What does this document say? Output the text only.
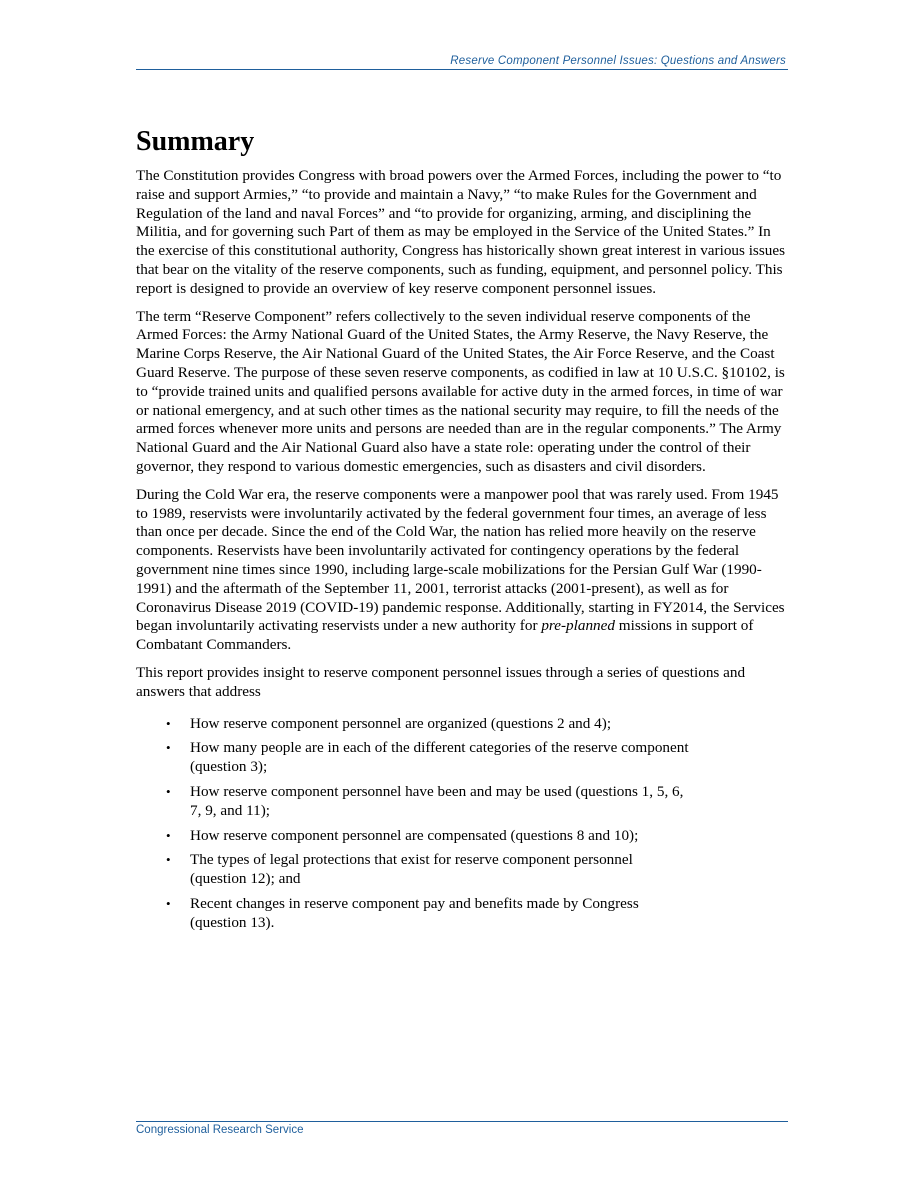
Reserve Component Personnel Issues: Questions and Answers
Summary

The Constitution provides Congress with broad powers over the Armed Forces, including the power to “to raise and support Armies,” “to provide and maintain a Navy,” “to make Rules for the Government and Regulation of the land and naval Forces” and “to provide for organizing, arming, and disciplining the Militia, and for governing such Part of them as may be employed in the Service of the United States.” In the exercise of this constitutional authority, Congress has historically shown great interest in various issues that bear on the vitality of the reserve components, such as funding, equipment, and personnel policy. This report is designed to provide an overview of key reserve component personnel issues.

The term “Reserve Component” refers collectively to the seven individual reserve components of the Armed Forces: the Army National Guard of the United States, the Army Reserve, the Navy Reserve, the Marine Corps Reserve, the Air National Guard of the United States, the Air Force Reserve, and the Coast Guard Reserve. The purpose of these seven reserve components, as codified in law at 10 U.S.C. §10102, is to “provide trained units and qualified persons available for active duty in the armed forces, in time of war or national emergency, and at such other times as the national security may require, to fill the needs of the armed forces whenever more units and persons are needed than are in the regular components.” The Army National Guard and the Air National Guard also have a state role: operating under the control of their governor, they respond to various domestic emergencies, such as disasters and civil disorders.

During the Cold War era, the reserve components were a manpower pool that was rarely used. From 1945 to 1989, reservists were involuntarily activated by the federal government four times, an average of less than once per decade. Since the end of the Cold War, the nation has relied more heavily on the reserve components. Reservists have been involuntarily activated for contingency operations by the federal government nine times since 1990, including large-scale mobilizations for the Persian Gulf War (1990-1991) and the aftermath of the September 11, 2001, terrorist attacks (2001-present), as well as for Coronavirus Disease 2019 (COVID-19) pandemic response. Additionally, starting in FY2014, the Services began involuntarily activating reservists under a new authority for pre-planned missions in support of Combatant Commanders.

This report provides insight to reserve component personnel issues through a series of questions and answers that address

• How reserve component personnel are organized (questions 2 and 4);
• How many people are in each of the different categories of the reserve component (question 3);
• How reserve component personnel have been and may be used (questions 1, 5, 6, 7, 9, and 11);
• How reserve component personnel are compensated (questions 8 and 10);
• The types of legal protections that exist for reserve component personnel (question 12); and
• Recent changes in reserve component pay and benefits made by Congress (question 13).
Congressional Research Service
